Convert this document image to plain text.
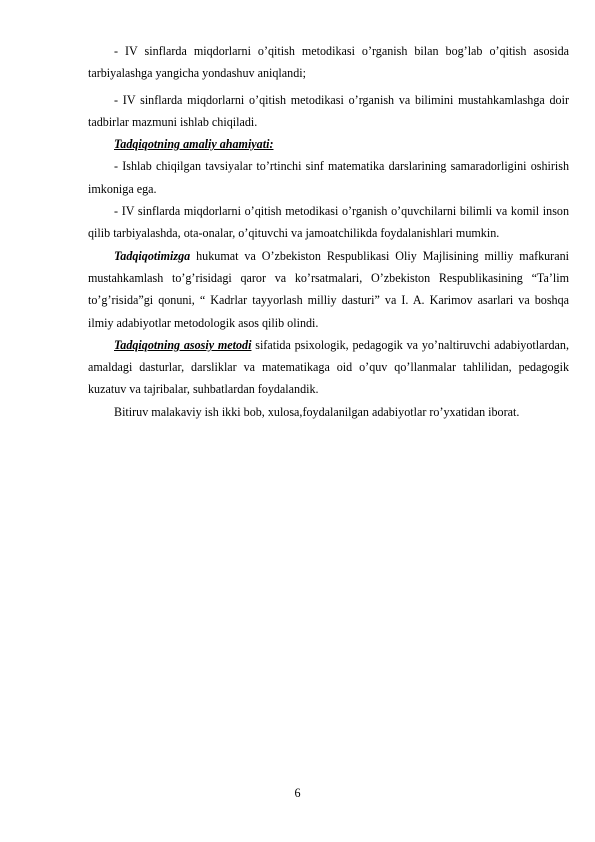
- IV sinflarda miqdorlarni o’qitish metodikasi o’rganish bilan bog’lab o’qitish asosida tarbiyalashga yangicha yondashuv aniqlandi;

- IV sinflarda miqdorlarni o’qitish metodikasi o’rganish va bilimini mustahkamlashga doir tadbirlar mazmuni ishlab chiqiladi.

Tadqiqotning amaliy ahamiyati:

- Ishlab chiqilgan tavsiyalar to’rtinchi sinf matematika darslarining samaradorligini oshirish imkoniga ega.

- IV sinflarda miqdorlarni o’qitish metodikasi o’rganish o’quvchilarni bilimli va komil inson qilib tarbiyalashda, ota-onalar, o’qituvchi va jamoatchilikda foydalanishlari mumkin.

Tadqiqotimizga hukumat va O’zbekiston Respublikasi Oliy Majlisining milliy mafkurani mustahkamlash to’g’risidagi qaror va ko’rsatmalari, O’zbekiston Respublikasining “Ta’lim to’g’risida”gi qonuni, “ Kadrlar tayyorlash milliy dasturi” va I. A. Karimov asarlari va boshqa ilmiy adabiyotlar metodologik asos qilib olindi.

Tadqiqotning asosiy metodi sifatida psixologik, pedagogik va yo’naltiruvchi adabiyotlardan, amaldagi dasturlar, darsliklar va matematikaga oid o’quv qo’llanmalar tahlilidan, pedagogik kuzatuv va tajribalar, suhbatlardan foydalandik.

Bitiruv malakaviy ish ikki bob, xulosa,foydalanilgan adabiyotlar ro’yxatidan iborat.

6
